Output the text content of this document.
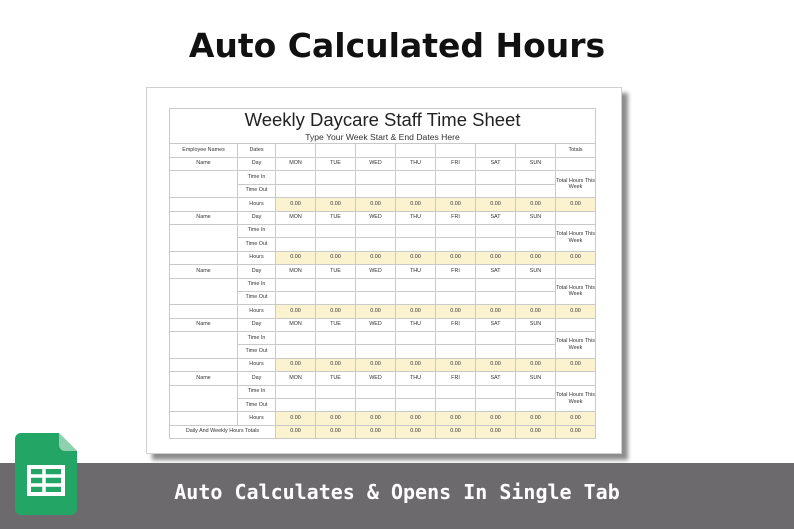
Auto Calculated Hours
Weekly Daycare Staff Time Sheet									
Type Your Week Start & End Dates Here									
Employee Names	Dates								Totals
Name	Day	MON	TUE	WED	THU	FRI	SAT	SUN	
	Time In								Total Hours This Week
	Time Out								
	Hours	0.00	0.00	0.00	0.00	0.00	0.00	0.00	0.00
Name	Day	MON	TUE	WED	THU	FRI	SAT	SUN	
	Time In								Total Hours This Week
	Time Out								
	Hours	0.00	0.00	0.00	0.00	0.00	0.00	0.00	0.00
Name	Day	MON	TUE	WED	THU	FRI	SAT	SUN	
	Time In								Total Hours This Week
	Time Out								
	Hours	0.00	0.00	0.00	0.00	0.00	0.00	0.00	0.00
Name	Day	MON	TUE	WED	THU	FRI	SAT	SUN	
	Time In								Total Hours This Week
	Time Out								
	Hours	0.00	0.00	0.00	0.00	0.00	0.00	0.00	0.00
Name	Day	MON	TUE	WED	THU	FRI	SAT	SUN	
	Time In								Total Hours This Week
	Time Out								
	Hours	0.00	0.00	0.00	0.00	0.00	0.00	0.00	0.00
Daily And Weekly Hours Totals		0.00	0.00	0.00	0.00	0.00	0.00	0.00	0.00
Auto Calculates & Opens In Single Tab
